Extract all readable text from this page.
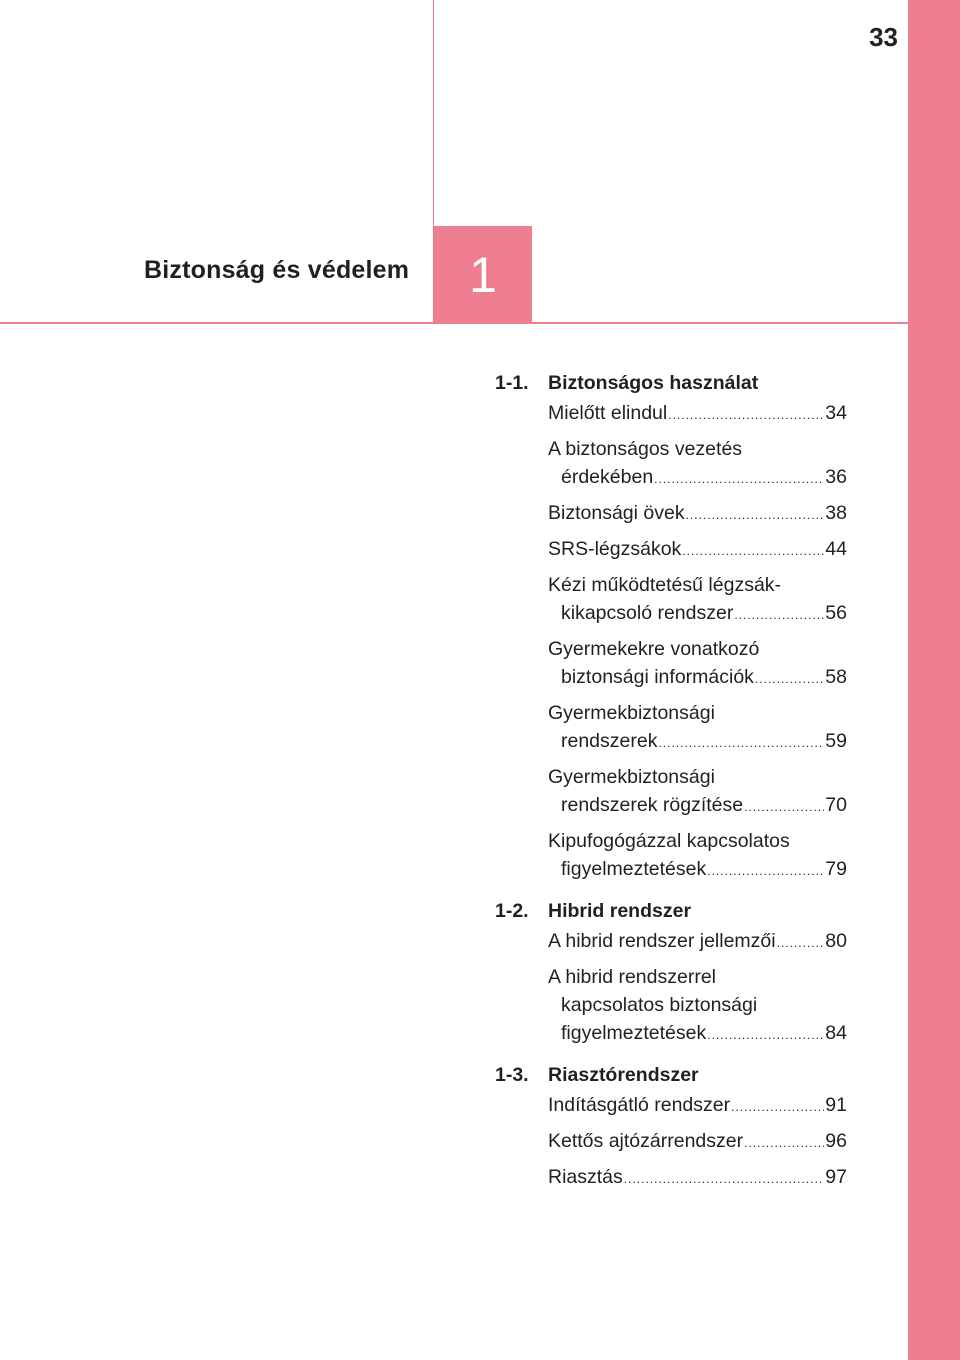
33
Biztonság és védelem 1
1-1. Biztonságos használat
Mielőtt elindul .....	34
A biztonságos vezetés
érdekében .....	36
Biztonsági övek .....	38
SRS-légzsákok .....	44
Kézi működtetésű légzsák-
kikapcsoló rendszer .....	56
Gyermekekre vonatkozó
biztonsági információk .....	58
Gyermekbiztonsági
rendszerek .....	59
Gyermekbiztonsági
rendszerek rögzítése .....	70
Kipufogógázzal kapcsolatos
figyelmeztetések .....	79
1-2. Hibrid rendszer
A hibrid rendszer jellemzői .....	80
A hibrid rendszerrel
kapcsolatos biztonsági
figyelmeztetések .....	84
1-3. Riasztórendszer
Indításgátló rendszer .....	91
Kettős ajtózárrendszer .....	96
Riasztás .....	97
